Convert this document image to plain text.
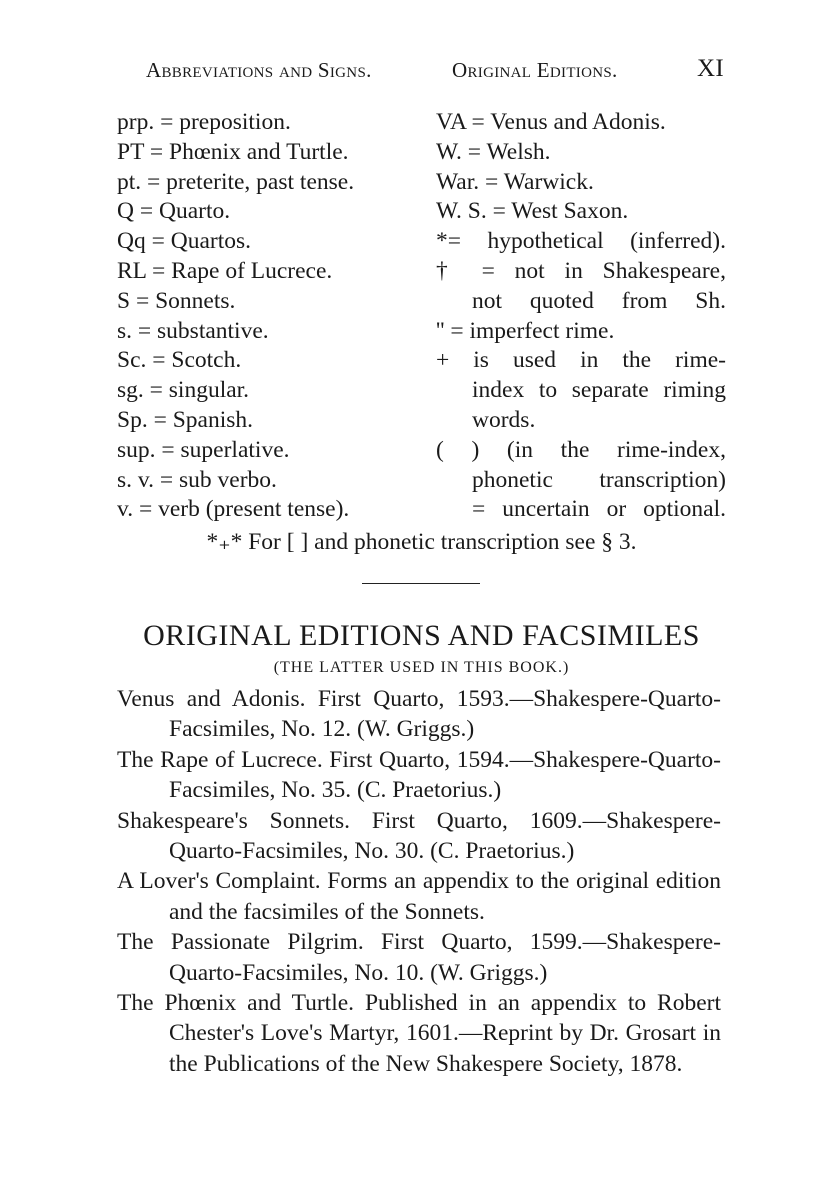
Abbreviations and Signs.	Original Editions.	XI
prp. = preposition.
PT = Phœnix and Turtle.
pt. = preterite, past tense.
Q = Quarto.
Qq = Quartos.
RL = Rape of Lucrece.
S = Sonnets.
s. = substantive.
Sc. = Scotch.
sg. = singular.
Sp. = Spanish.
sup. = superlative.
s. v. = sub verbo.
v. = verb (present tense).
VA = Venus and Adonis.
W. = Welsh.
War. = Warwick.
W. S. = West Saxon.
*= hypothetical (inferred).
† = not in Shakespeare,
not quoted from Sh.
'' = imperfect rime.
+ is used in the rime-
index to separate riming
words.
( ) (in the rime-index,
phonetic transcription)
= uncertain or optional.
*₊* For [ ] and phonetic transcription see § 3.
ORIGINAL EDITIONS AND FACSIMILES
(THE LATTER USED IN THIS BOOK.)

Venus and Adonis. First Quarto, 1593.—Shakespere-Quarto-Facsimiles, No. 12. (W. Griggs.)

The Rape of Lucrece. First Quarto, 1594.—Shakespere-Quarto-Facsimiles, No. 35. (C. Praetorius.)

Shakespeare's Sonnets. First Quarto, 1609.—Shakespere-Quarto-Facsimiles, No. 30. (C. Praetorius.)

A Lover's Complaint. Forms an appendix to the original edition and the facsimiles of the Sonnets.

The Passionate Pilgrim. First Quarto, 1599.—Shakespere-Quarto-Facsimiles, No. 10. (W. Griggs.)

The Phœnix and Turtle. Published in an appendix to Robert Chester's Love's Martyr, 1601.—Reprint by Dr. Grosart in the Publications of the New Shakespere Society, 1878.
